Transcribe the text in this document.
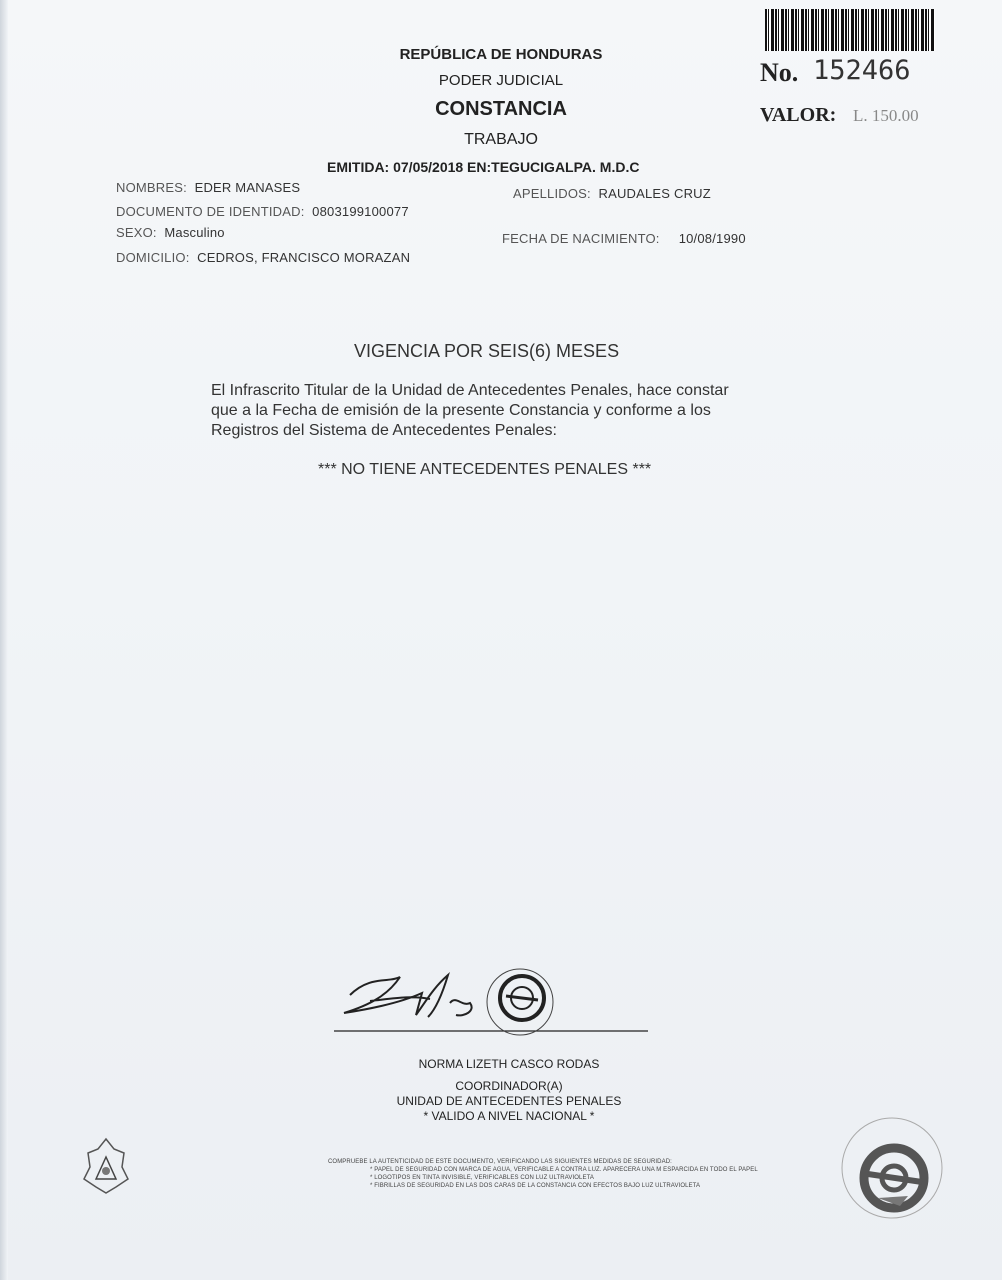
REPÚBLICA DE HONDURAS
PODER JUDICIAL
CONSTANCIA
TRABAJO
EMITIDA: 07/05/2018 EN:TEGUCIGALPA. M.D.C
No. 152466
VALOR: L. 150.00
NOMBRES: EDER MANASES	APELLIDOS: RAUDALES CRUZ
DOCUMENTO DE IDENTIDAD: 0803199100077
SEXO: Masculino	FECHA DE NACIMIENTO: 10/08/1990
DOMICILIO: CEDROS, FRANCISCO MORAZAN
VIGENCIA POR SEIS(6) MESES
El Infrascrito Titular de la Unidad de Antecedentes Penales, hace constar
que a la Fecha de emisión de la presente Constancia y conforme a los
Registros del Sistema de Antecedentes Penales:
*** NO TIENE ANTECEDENTES PENALES ***
NORMA LIZETH CASCO RODAS
COORDINADOR(A)
UNIDAD DE ANTECEDENTES PENALES
* VALIDO A NIVEL NACIONAL *
COMPRUEBE LA AUTENTICIDAD DE ESTE DOCUMENTO, VERIFICANDO LAS SIGUIENTES MEDIDAS DE SEGURIDAD:
* PAPEL DE SEGURIDAD CON MARCA DE AGUA, VERIFICABLE A CONTRA LUZ. APARECERA UNA M ESPARCIDA EN TODO EL PAPEL
* LOGOTIPOS EN TINTA INVISIBLE, VERIFICABLES CON LUZ ULTRAVIOLETA
* FIBRILLAS DE SEGURIDAD EN LAS DOS CARAS DE LA CONSTANCIA CON EFECTOS BAJO LUZ ULTRAVIOLETA
